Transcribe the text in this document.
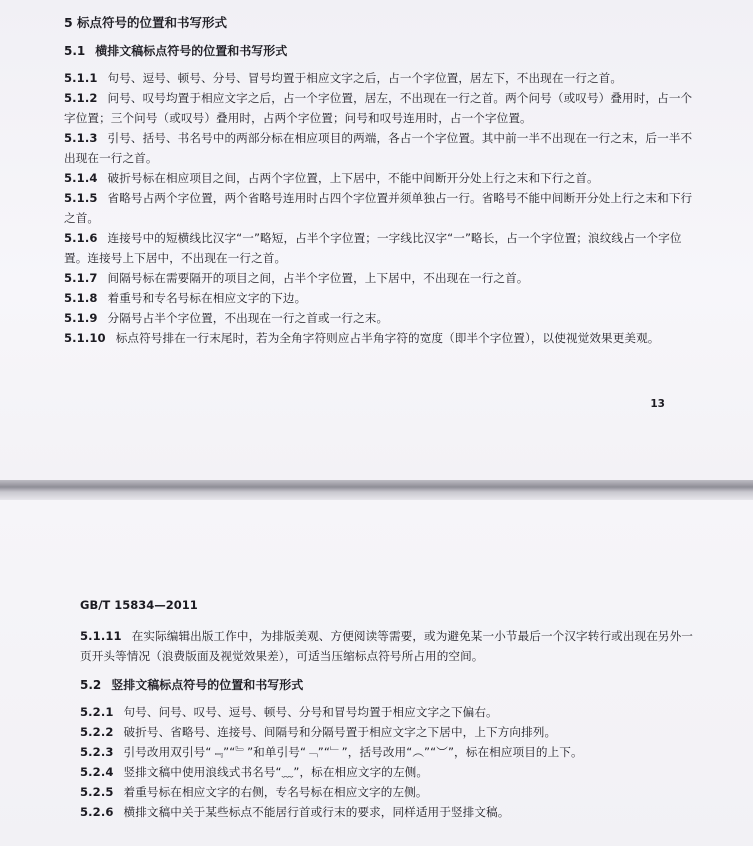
5 标点符号的位置和书写形式

5.1 横排文稿标点符号的位置和书写形式

5.1.1 句号、逗号、顿号、分号、冒号均置于相应文字之后，占一个字位置，居左下，不出现在一行之首。

5.1.2 问号、叹号均置于相应文字之后，占一个字位置，居左，不出现在一行之首。两个问号（或叹号）叠用时，占一个字位置；三个问号（或叹号）叠用时，占两个字位置；问号和叹号连用时，占一个字位置。

5.1.3 引号、括号、书名号中的两部分标在相应项目的两端，各占一个字位置。其中前一半不出现在一行之末，后一半不出现在一行之首。

5.1.4 破折号标在相应项目之间，占两个字位置，上下居中，不能中间断开分处上行之末和下行之首。

5.1.5 省略号占两个字位置，两个省略号连用时占四个字位置并须单独占一行。省略号不能中间断开分处上行之末和下行之首。

5.1.6 连接号中的短横线比汉字“一”略短，占半个字位置；一字线比汉字“一”略长，占一个字位置；浪纹线占一个字位置。连接号上下居中，不出现在一行之首。

5.1.7 间隔号标在需要隔开的项目之间，占半个字位置，上下居中，不出现在一行之首。

5.1.8 着重号和专名号标在相应文字的下边。

5.1.9 分隔号占半个字位置，不出现在一行之首或一行之末。

5.1.10 标点符号排在一行末尾时，若为全角字符则应占半角字符的宽度（即半个字位置），以使视觉效果更美观。

13

GB/T 15834—2011

5.1.11 在实际编辑出版工作中，为排版美观、方便阅读等需要，或为避免某一小节最后一个汉字转行或出现在另外一页开头等情况（浪费版面及视觉效果差），可适当压缩标点符号所占用的空间。

5.2 竖排文稿标点符号的位置和书写形式

5.2.1 句号、问号、叹号、逗号、顿号、分号和冒号均置于相应文字之下偏右。

5.2.2 破折号、省略号、连接号、间隔号和分隔号置于相应文字之下居中，上下方向排列。

5.2.3 引号改用双引号“﹃”“﹄”和单引号“﹁”“﹂”，括号改用“︵”“︶”，标在相应项目的上下。

5.2.4 竖排文稿中使用浪线式书名号“﹏”，标在相应文字的左侧。

5.2.5 着重号标在相应文字的右侧，专名号标在相应文字的左侧。

5.2.6 横排文稿中关于某些标点不能居行首或行末的要求，同样适用于竖排文稿。
